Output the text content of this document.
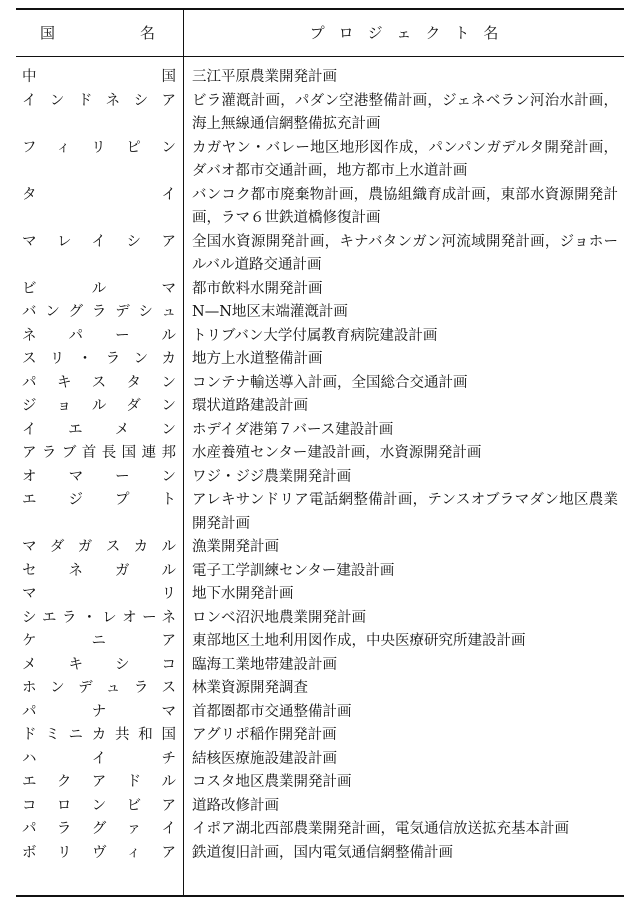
国	名	プロジェクト名
中国 三江平原農業開発計画
インドネシア ビラ灌漑計画，パダン空港整備計画，ジェネベラン河治水計画，海上無線通信網整備拡充計画
フィリピン カガヤン・バレー地区地形図作成，パンパンガデルタ開発計画，ダバオ都市交通計画，地方都市上水道計画
タイ バンコク都市廃棄物計画，農協組織育成計画，東部水資源開発計画，ラマ６世鉄道橋修復計画
マレイシア 全国水資源開発計画，キナバタンガン河流域開発計画，ジョホールバル道路交通計画
ビルマ 都市飲料水開発計画
バングラデシュ N—N地区末端灌漑計画
ネパール トリブバン大学付属教育病院建設計画
スリ・ランカ 地方上水道整備計画
パキスタン コンテナ輸送導入計画，全国総合交通計画
ジョルダン 環状道路建設計画
イエメン ホデイダ港第７バース建設計画
アラブ首長国連邦 水産養殖センター建設計画，水資源開発計画
オマーン ワジ・ジジ農業開発計画
エジプト アレキサンドリア電話網整備計画，テンスオブラマダン地区農業開発計画
マダガスカル 漁業開発計画
セネガル 電子工学訓練センター建設計画
マリ 地下水開発計画
シエラ・レオーネ ロンベ沼沢地農業開発計画
ケニア 東部地区土地利用図作成，中央医療研究所建設計画
メキシコ 臨海工業地帯建設計画
ホンデュラス 林業資源開発調査
パナマ 首都圏都市交通整備計画
ドミニカ共和国 アグリポ稲作開発計画
ハイチ 結核医療施設建設計画
エクアドル コスタ地区農業開発計画
コロンビア 道路改修計画
パラグァイ イポア湖北西部農業開発計画，電気通信放送拡充基本計画
ボリヴィア 鉄道復旧計画，国内電気通信網整備計画
